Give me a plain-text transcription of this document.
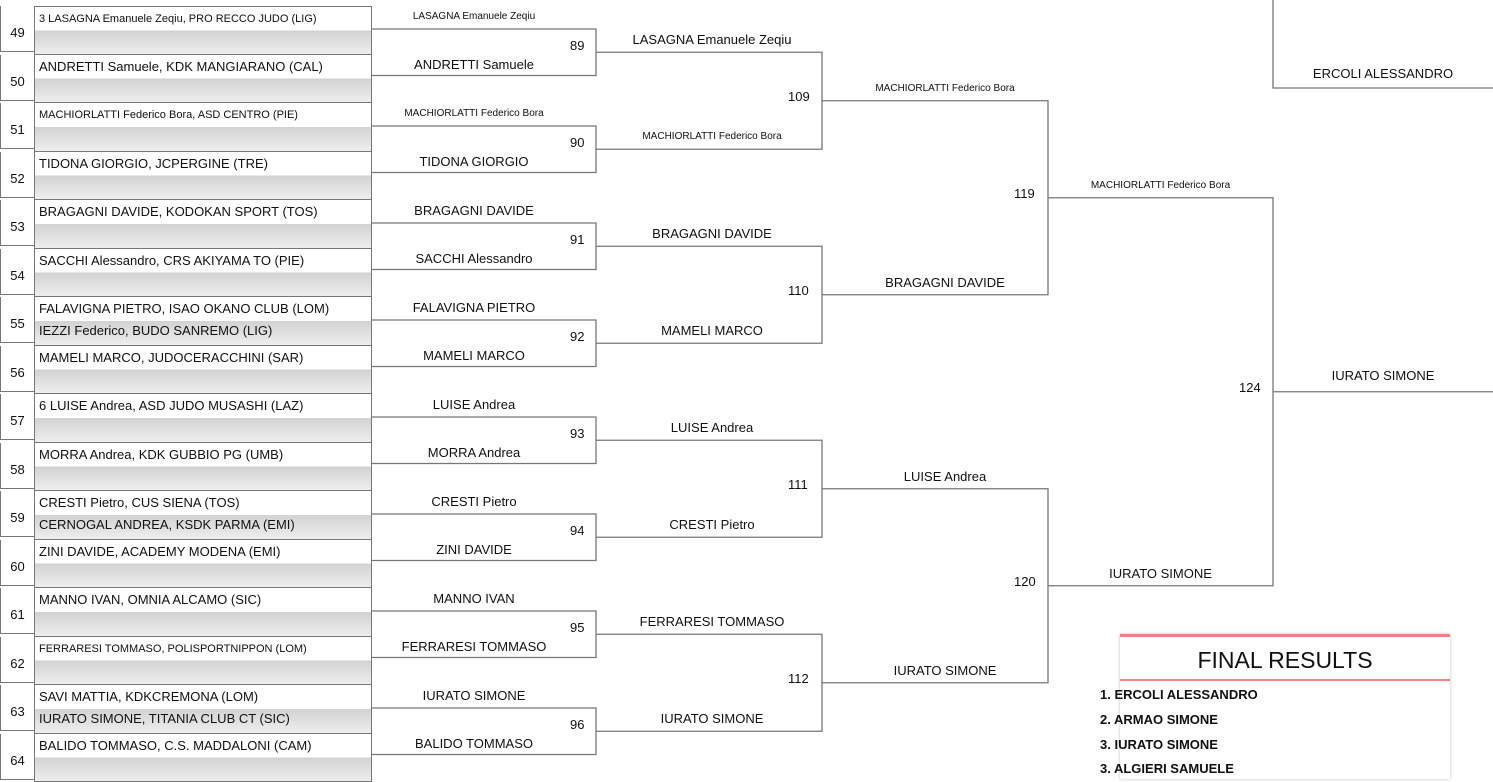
49
3 LASAGNA Emanuele Zeqiu, PRO RECCO JUDO (LIG)
50
ANDRETTI Samuele, KDK MANGIARANO (CAL)
51
MACHIORLATTI Federico Bora, ASD CENTRO (PIE)
52
TIDONA GIORGIO, JCPERGINE (TRE)
53
BRAGAGNI DAVIDE, KODOKAN SPORT (TOS)
54
SACCHI Alessandro, CRS AKIYAMA TO (PIE)
55
FALAVIGNA PIETRO, ISAO OKANO CLUB (LOM)
IEZZI Federico, BUDO SANREMO (LIG)
56
MAMELI MARCO, JUDOCERACCHINI (SAR)
57
6 LUISE Andrea, ASD JUDO MUSASHI (LAZ)
58
MORRA Andrea, KDK GUBBIO PG (UMB)
59
CRESTI Pietro, CUS SIENA (TOS)
CERNOGAL ANDREA, KSDK PARMA (EMI)
60
ZINI DAVIDE, ACADEMY MODENA (EMI)
61
MANNO IVAN, OMNIA ALCAMO (SIC)
62
FERRARESI TOMMASO, POLISPORTNIPPON (LOM)
63
SAVI MATTIA, KDKCREMONA (LOM)
IURATO SIMONE, TITANIA CLUB CT (SIC)
64
BALIDO TOMMASO, C.S. MADDALONI (CAM)
LASAGNA Emanuele Zeqiu
ANDRETTI Samuele
89
MACHIORLATTI Federico Bora
TIDONA GIORGIO
90
BRAGAGNI DAVIDE
SACCHI Alessandro
91
FALAVIGNA PIETRO
MAMELI MARCO
92
LUISE Andrea
MORRA Andrea
93
CRESTI Pietro
ZINI DAVIDE
94
MANNO IVAN
FERRARESI TOMMASO
95
IURATO SIMONE
BALIDO TOMMASO
96
109
110
111
112
LASAGNA Emanuele Zeqiu
MACHIORLATTI Federico Bora
BRAGAGNI DAVIDE
MAMELI MARCO
LUISE Andrea
CRESTI Pietro
FERRARESI TOMMASO
IURATO SIMONE
119
120
MACHIORLATTI Federico Bora
BRAGAGNI DAVIDE
LUISE Andrea
IURATO SIMONE
124
IURATO SIMONE
MACHIORLATTI Federico Bora
IURATO SIMONE
ERCOLI ALESSANDRO
FINAL RESULTS
1. ERCOLI ALESSANDRO
2. ARMAO SIMONE
3. IURATO SIMONE
3. ALGIERI SAMUELE
